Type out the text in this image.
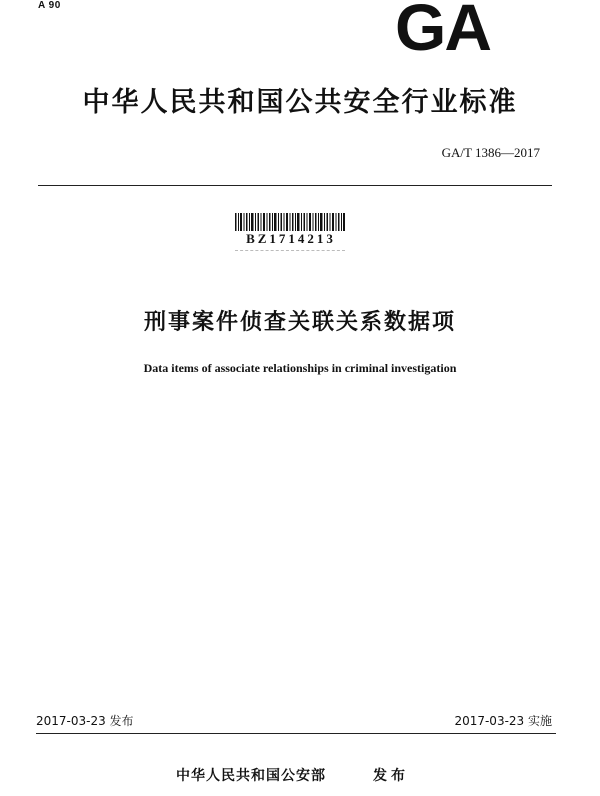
A 90	GA
中华人民共和国公共安全行业标准
GA/T 1386—2017
BZ1714213
刑事案件侦查关联关系数据项
Data items of associate relationships in criminal investigation
2017-03-23 发布	2017-03-23 实施
中华人民共和国公安部	发布
